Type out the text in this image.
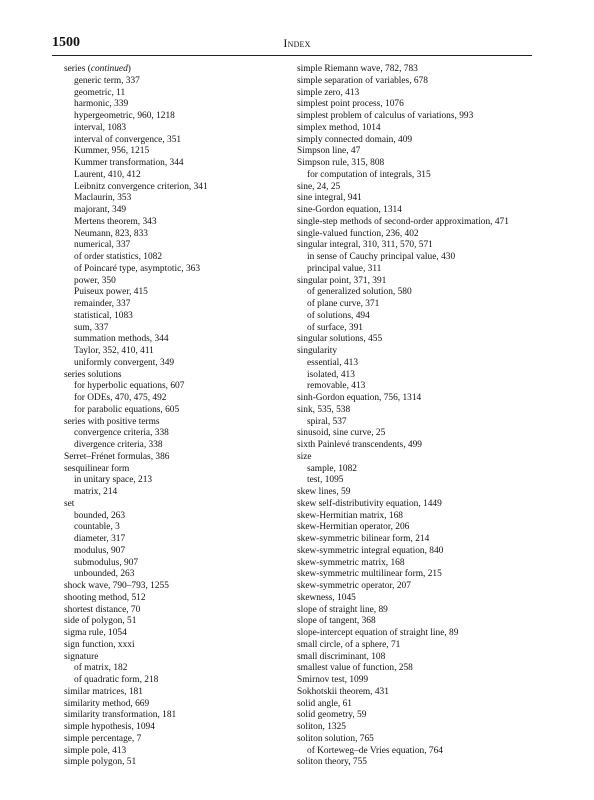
1500	Index
series (continued)
generic term, 337
geometric, 11
harmonic, 339
hypergeometric, 960, 1218
interval, 1083
interval of convergence, 351
Kummer, 956, 1215
Kummer transformation, 344
Laurent, 410, 412
Leibnitz convergence criterion, 341
Maclaurin, 353
majorant, 349
Mertens theorem, 343
Neumann, 823, 833
numerical, 337
of order statistics, 1082
of Poincaré type, asymptotic, 363
power, 350
Puiseux power, 415
remainder, 337
statistical, 1083
sum, 337
summation methods, 344
Taylor, 352, 410, 411
uniformly convergent, 349
series solutions
for hyperbolic equations, 607
for ODEs, 470, 475, 492
for parabolic equations, 605
series with positive terms
convergence criteria, 338
divergence criteria, 338
Serret–Frénet formulas, 386
sesquilinear form
in unitary space, 213
matrix, 214
set
bounded, 263
countable, 3
diameter, 317
modulus, 907
submodulus, 907
unbounded, 263
shock wave, 790–793, 1255
shooting method, 512
shortest distance, 70
side of polygon, 51
sigma rule, 1054
sign function, xxxi
signature
of matrix, 182
of quadratic form, 218
similar matrices, 181
similarity method, 669
similarity transformation, 181
simple hypothesis, 1094
simple percentage, 7
simple pole, 413
simple polygon, 51
simple Riemann wave, 782, 783
simple separation of variables, 678
simple zero, 413
simplest point process, 1076
simplest problem of calculus of variations, 993
simplex method, 1014
simply connected domain, 409
Simpson line, 47
Simpson rule, 315, 808
for computation of integrals, 315
sine, 24, 25
sine integral, 941
sine-Gordon equation, 1314
single-step methods of second-order approximation, 471
single-valued function, 236, 402
singular integral, 310, 311, 570, 571
in sense of Cauchy principal value, 430
principal value, 311
singular point, 371, 391
of generalized solution, 580
of plane curve, 371
of solutions, 494
of surface, 391
singular solutions, 455
singularity
essential, 413
isolated, 413
removable, 413
sinh-Gordon equation, 756, 1314
sink, 535, 538
spiral, 537
sinusoid, sine curve, 25
sixth Painlevé transcendents, 499
size
sample, 1082
test, 1095
skew lines, 59
skew self-distributivity equation, 1449
skew-Hermitian matrix, 168
skew-Hermitian operator, 206
skew-symmetric bilinear form, 214
skew-symmetric integral equation, 840
skew-symmetric matrix, 168
skew-symmetric multilinear form, 215
skew-symmetric operator, 207
skewness, 1045
slope of straight line, 89
slope of tangent, 368
slope-intercept equation of straight line, 89
small circle, of a sphere, 71
small discriminant, 108
smallest value of function, 258
Smirnov test, 1099
Sokhotskii theorem, 431
solid angle, 61
solid geometry, 59
soliton, 1325
soliton solution, 765
of Korteweg–de Vries equation, 764
soliton theory, 755
